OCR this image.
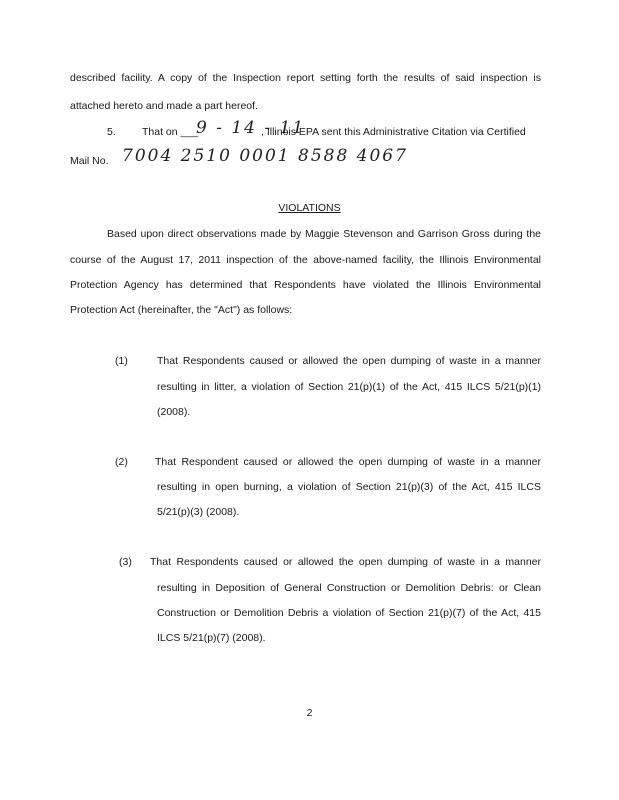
described facility. A copy of the Inspection report setting forth the results of said inspection is
attached hereto and made a part hereof.
5. That on ___
9 - 14 - 11
, Illinois EPA sent this Administrative Citation via Certified
Mail No. 7004 2510 0001 8588 4067
VIOLATIONS
Based upon direct observations made by Maggie Stevenson and Garrison Gross during the
course of the August 17, 2011 inspection of the above-named facility, the Illinois Environmental
Protection Agency has determined that Respondents have violated the Illinois Environmental
Protection Act (hereinafter, the "Act") as follows:
(1)	That Respondents caused or allowed the open dumping of waste in a manner
resulting in litter, a violation of Section 21(p)(1) of the Act, 415 ILCS 5/21(p)(1)
(2008).
(2)	That Respondent caused or allowed the open dumping of waste in a manner
resulting in open burning, a violation of Section 21(p)(3) of the Act, 415 ILCS
5/21(p)(3) (2008).
(3) That Respondents caused or allowed the open dumping of waste in a manner
resulting in Deposition of General Construction or Demolition Debris: or Clean
Construction or Demolition Debris a violation of Section 21(p)(7) of the Act, 415
ILCS 5/21(p)(7) (2008).
2
